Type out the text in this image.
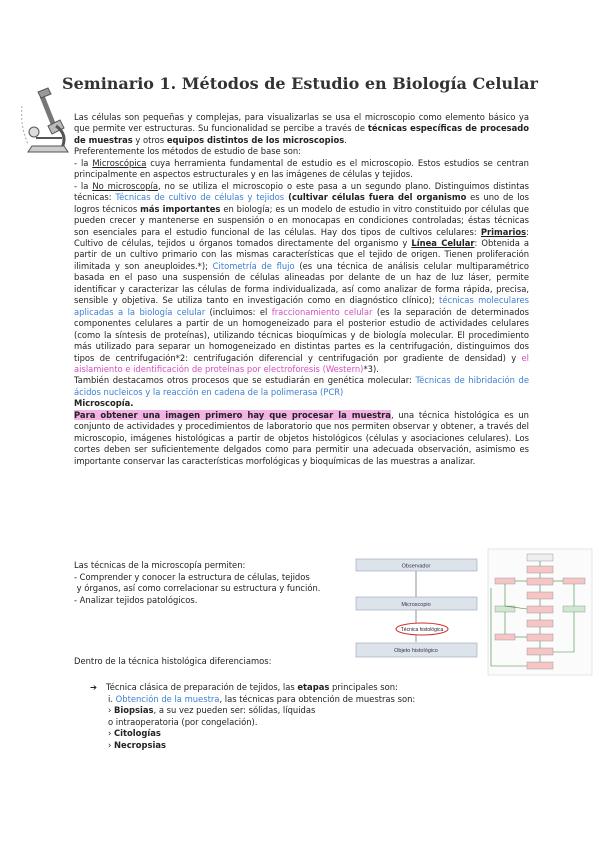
Seminario 1. Métodos de Estudio en Biología Celular

Las células son pequeñas y complejas, para visualizarlas se usa el microscopio como elemento básico ya que permite ver estructuras. Su funcionalidad se percibe a través de técnicas específicas de procesado de muestras y otros equipos distintos de los microscopios.

Preferentemente los métodos de estudio de base son:

- la Microscópica cuya herramienta fundamental de estudio es el microscopio. Estos estudios se centran principalmente en aspectos estructurales y en las imágenes de células y tejidos.

- la No microscopía, no se utiliza el microscopio o este pasa a un segundo plano. Distinguimos distintas técnicas: Técnicas de cultivo de células y tejidos (cultivar células fuera del organismo es uno de los logros técnicos más importantes en biología; es un modelo de estudio in vitro constituido por células que pueden crecer y mantenerse en suspensión o en monocapas en condiciones controladas; éstas técnicas son esenciales para el estudio funcional de las células. Hay dos tipos de cultivos celulares: Primarios: Cultivo de células, tejidos u órganos tomados directamente del organismo y Línea Celular: Obtenida a partir de un cultivo primario con las mismas características que el tejido de origen. Tienen proliferación ilimitada y son aneuploides.*); Citometría de flujo (es una técnica de análisis celular multiparamétrico basada en el paso una suspensión de células alineadas por delante de un haz de luz láser, permite identificar y caracterizar las células de forma individualizada, así como analizar de forma rápida, precisa, sensible y objetiva. Se utiliza tanto en investigación como en diagnóstico clínico); técnicas moleculares aplicadas a la biología celular (incluimos: el fraccionamiento celular (es la separación de determinados componentes celulares a partir de un homogeneizado para el posterior estudio de actividades celulares (como la síntesis de proteínas), utilizando técnicas bioquímicas y de biología molecular. El procedimiento más utilizado para separar un homogeneizado en distintas partes es la centrifugación, distinguimos dos tipos de centrifugación*2: centrifugación diferencial y centrifugación por gradiente de densidad) y el aislamiento e identificación de proteínas por electroforesis (Western)*3).

También destacamos otros procesos que se estudiarán en genética molecular: Técnicas de hibridación de ácidos nucleicos y la reacción en cadena de la polimerasa (PCR)

Microscopía.

Para obtener una imagen primero hay que procesar la muestra, una técnica histológica es un conjunto de actividades y procedimientos de laboratorio que nos permiten observar y obtener, a través del microscopio, imágenes histológicas a partir de objetos histológicos (células y asociaciones celulares). Los cortes deben ser suficientemente delgados como para permitir una adecuada observación, asimismo es importante conservar las características morfológicas y bioquímicas de las muestras a analizar.

Las técnicas de la microscopía permiten:
- Comprender y conocer la estructura de células, tejidos
y órganos, así como correlacionar su estructura y función.
- Analizar tejidos patológicos.
Observador
Microscopio
Técnica histológica
Objeto histológico
Dentro de la técnica histológica diferenciamos:
➔ Técnica clásica de preparación de tejidos, las etapas principales son:
i. Obtención de la muestra, las técnicas para obtención de muestras son:
› Biopsias, a su vez pueden ser: sólidas, líquidas
o intraoperatoria (por congelación).
› Citologías
› Necropsias
